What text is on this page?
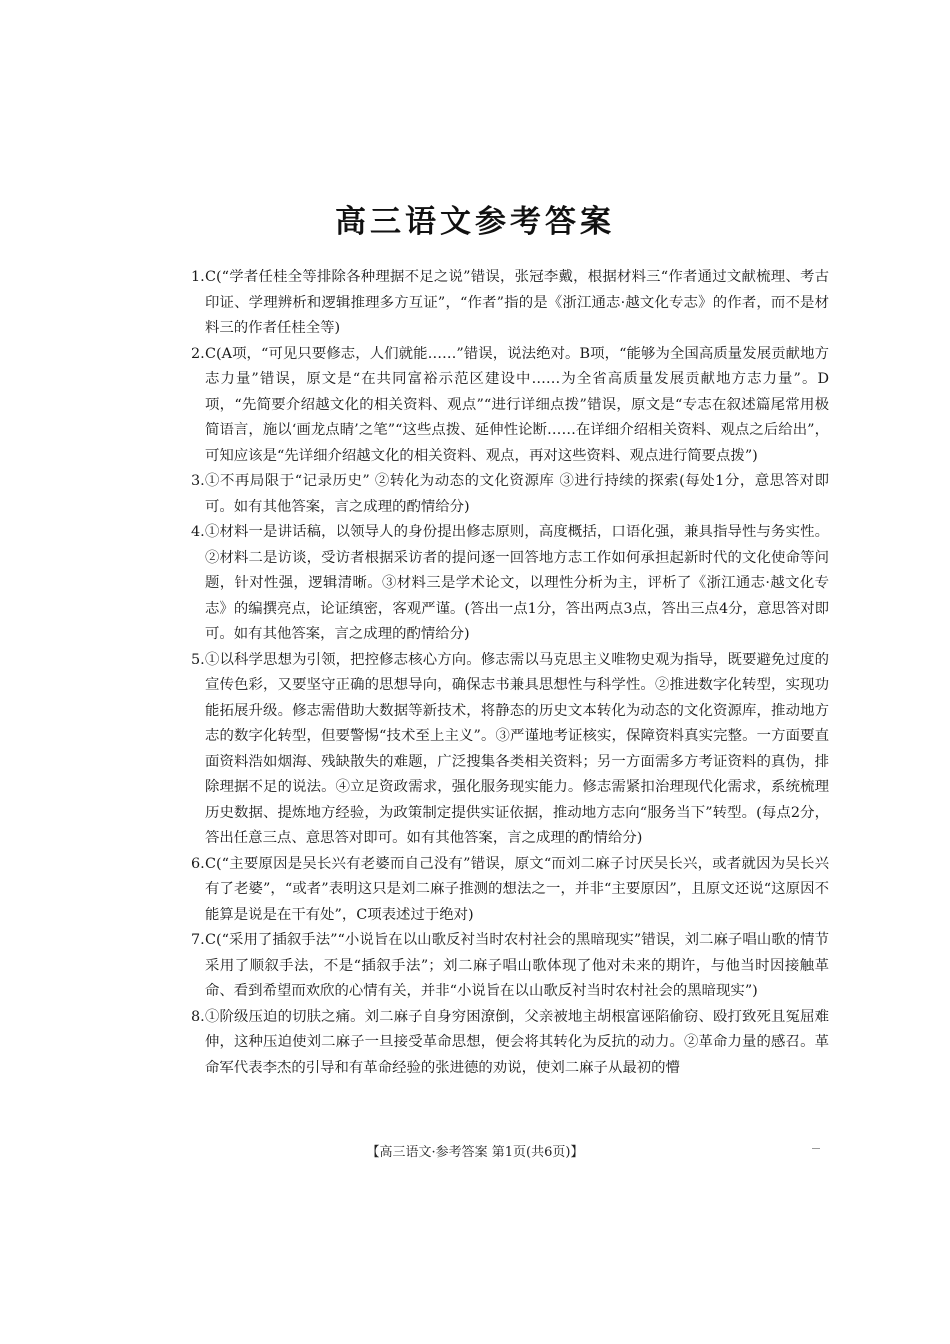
高三语文参考答案

1. C(“学者任桂全等排除各种理据不足之说”错误，张冠李戴，根据材料三“作者通过文献梳理、考古印证、学理辨析和逻辑推理多方互证”，“作者”指的是《浙江通志·越文化专志》的作者，而不是材料三的作者任桂全等)

2. C(A项，“可见只要修志，人们就能……”错误，说法绝对。B项，“能够为全国高质量发展贡献地方志力量”错误，原文是“在共同富裕示范区建设中……为全省高质量发展贡献地方志力量”。D项，“先简要介绍越文化的相关资料、观点”“进行详细点拨”错误，原文是“专志在叙述篇尾常用极简语言，施以‘画龙点睛’之笔”“这些点拨、延伸性论断……在详细介绍相关资料、观点之后给出”，可知应该是“先详细介绍越文化的相关资料、观点，再对这些资料、观点进行简要点拨”)

3. ①不再局限于“记录历史” ②转化为动态的文化资源库 ③进行持续的探索(每处1分，意思答对即可。如有其他答案，言之成理的酌情给分)

4. ①材料一是讲话稿，以领导人的身份提出修志原则，高度概括，口语化强，兼具指导性与务实性。②材料二是访谈，受访者根据采访者的提问逐一回答地方志工作如何承担起新时代的文化使命等问题，针对性强，逻辑清晰。③材料三是学术论文，以理性分析为主，评析了《浙江通志·越文化专志》的编撰亮点，论证缜密，客观严谨。(答出一点1分，答出两点3点，答出三点4分，意思答对即可。如有其他答案，言之成理的酌情给分)

5. ①以科学思想为引领，把控修志核心方向。修志需以马克思主义唯物史观为指导，既要避免过度的宣传色彩，又要坚守正确的思想导向，确保志书兼具思想性与科学性。②推进数字化转型，实现功能拓展升级。修志需借助大数据等新技术，将静态的历史文本转化为动态的文化资源库，推动地方志的数字化转型，但要警惕“技术至上主义”。③严谨地考证核实，保障资料真实完整。一方面要直面资料浩如烟海、残缺散失的难题，广泛搜集各类相关资料；另一方面需多方考证资料的真伪，排除理据不足的说法。④立足资政需求，强化服务现实能力。修志需紧扣治理现代化需求，系统梳理历史数据、提炼地方经验，为政策制定提供实证依据，推动地方志向“服务当下”转型。(每点2分，答出任意三点、意思答对即可。如有其他答案，言之成理的酌情给分)

6. C(“主要原因是吴长兴有老婆而自己没有”错误，原文“而刘二麻子讨厌吴长兴，或者就因为吴长兴有了老婆”，“或者”表明这只是刘二麻子推测的想法之一，并非“主要原因”，且原文还说“这原因不能算是说是在干有处”，C项表述过于绝对)

7. C(“采用了插叙手法”“小说旨在以山歌反衬当时农村社会的黑暗现实”错误，刘二麻子唱山歌的情节采用了顺叙手法，不是“插叙手法”；刘二麻子唱山歌体现了他对未来的期许，与他当时因接触革命、看到希望而欢欣的心情有关，并非“小说旨在以山歌反衬当时农村社会的黑暗现实”)

8. ①阶级压迫的切肤之痛。刘二麻子自身穷困潦倒，父亲被地主胡根富诬陷偷窃、殴打致死且冤屈难伸，这种压迫使刘二麻子一旦接受革命思想，便会将其转化为反抗的动力。②革命力量的感召。革命军代表李杰的引导和有革命经验的张进德的劝说，使刘二麻子从最初的懵

【高三语文·参考答案 第1页(共6页)】
